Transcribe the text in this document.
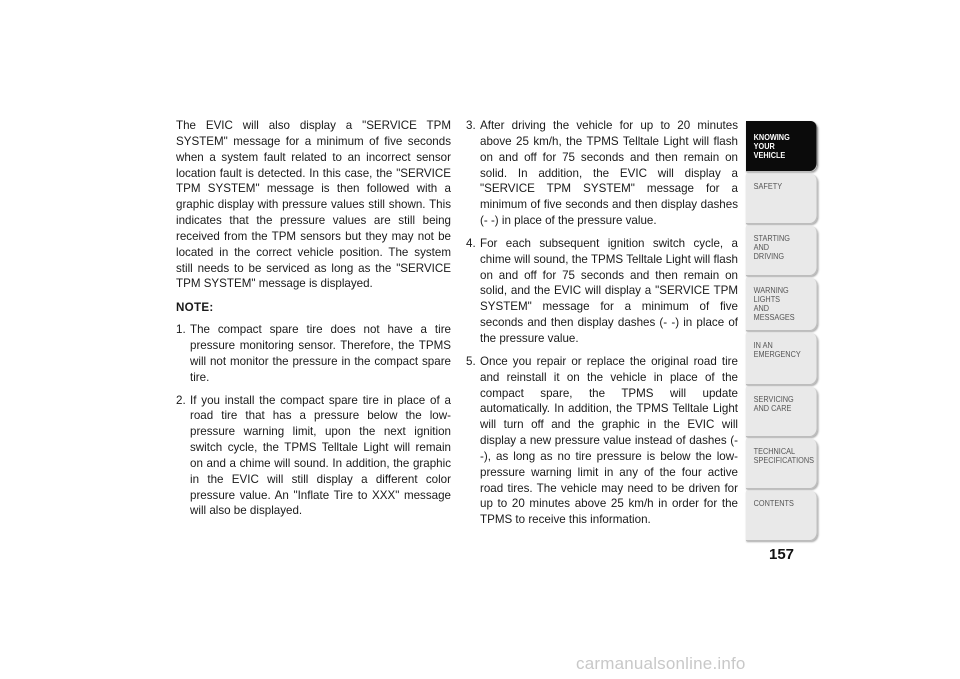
The EVIC will also display a "SERVICE TPM SYSTEM" message for a minimum of five seconds when a system fault related to an incorrect sensor location fault is detected. In this case, the "SERVICE TPM SYSTEM" message is then followed with a graphic display with pressure values still shown. This indicates that the pressure values are still being received from the TPM sensors but they may not be located in the correct vehicle position. The system still needs to be serviced as long as the "SERVICE TPM SYSTEM" message is displayed.

NOTE:

1. The compact spare tire does not have a tire pressure monitoring sensor. Therefore, the TPMS will not monitor the pressure in the compact spare tire.
2. If you install the compact spare tire in place of a road tire that has a pressure below the low-pressure warning limit, upon the next ignition switch cycle, the TPMS Telltale Light will remain on and a chime will sound. In addition, the graphic in the EVIC will still display a different color pressure value. An "Inflate Tire to XXX" message will also be displayed.
3. After driving the vehicle for up to 20 minutes above 25 km/h, the TPMS Telltale Light will flash on and off for 75 seconds and then remain on solid. In addition, the EVIC will display a "SERVICE TPM SYSTEM" message for a minimum of five seconds and then display dashes (- -) in place of the pressure value.
4. For each subsequent ignition switch cycle, a chime will sound, the TPMS Telltale Light will flash on and off for 75 seconds and then remain on solid, and the EVIC will display a "SERVICE TPM SYSTEM" message for a minimum of five seconds and then display dashes (- -) in place of the pressure value.
5. Once you repair or replace the original road tire and reinstall it on the vehicle in place of the compact spare, the TPMS will update automatically. In addition, the TPMS Telltale Light will turn off and the graphic in the EVIC will display a new pressure value instead of dashes (- -), as long as no tire pressure is below the low-pressure warning limit in any of the four active road tires. The vehicle may need to be driven for up to 20 minutes above 25 km/h in order for the TPMS to receive this information.
KNOWING
YOUR
VEHICLE
SAFETY
STARTING
AND
DRIVING
WARNING
LIGHTS
AND
MESSAGES
IN AN
EMERGENCY
SERVICING
AND CARE
TECHNICAL
SPECIFICATIONS
CONTENTS
157
carmanualsonline.info
